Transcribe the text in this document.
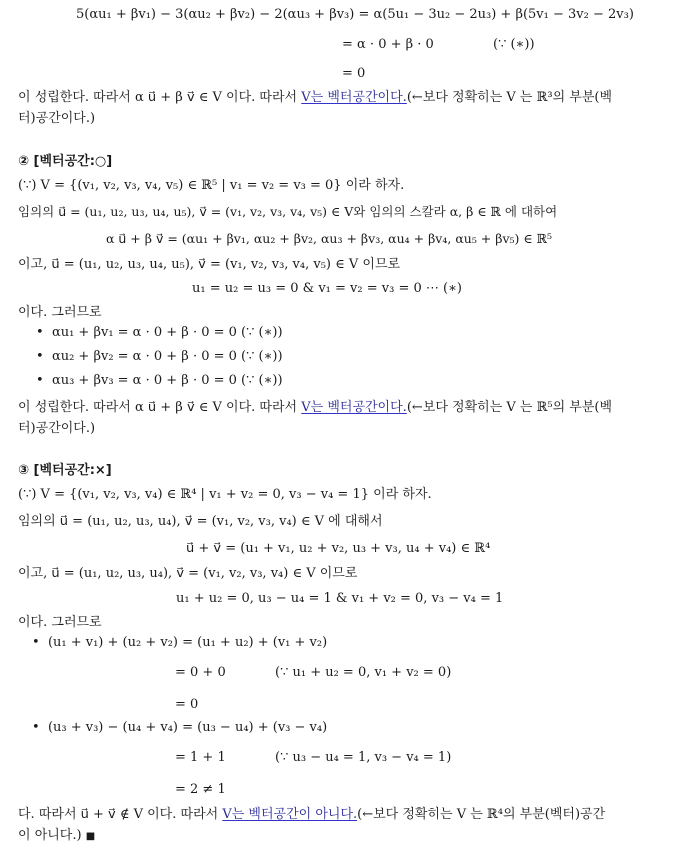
5(αu₁ + βv₁) − 3(αu₂ + βv₂) − 2(αu₃ + βv₃) = α(5u₁ − 3u₂ − 2u₃) + β(5v₁ − 3v₂ − 2v₃)
= α · 0 + β · 0	(∵ (∗))
= 0
이 성립한다. 따라서 α u⃗ + β v⃗ ∈ V 이다. 따라서 V는 벡터공간이다.(←보다 정확히는 V 는 ℝ³의 부분(벡
터)공간이다.)
② [벡터공간:○]
(∵) V = {(v₁, v₂, v₃, v₄, v₅) ∈ ℝ⁵ | v₁ = v₂ = v₃ = 0} 이라 하자.
임의의 u⃗ = (u₁, u₂, u₃, u₄, u₅), v⃗ = (v₁, v₂, v₃, v₄, v₅) ∈ V와 임의의 스칼라 α, β ∈ ℝ 에 대하여
α u⃗ + β v⃗ = (αu₁ + βv₁, αu₂ + βv₂, αu₃ + βv₃, αu₄ + βv₄, αu₅ + βv₅) ∈ ℝ⁵
이고, u⃗ = (u₁, u₂, u₃, u₄, u₅), v⃗ = (v₁, v₂, v₃, v₄, v₅) ∈ V 이므로
u₁ = u₂ = u₃ = 0 & v₁ = v₂ = v₃ = 0 ⋯ (∗)
이다. 그러므로
•  αu₁ + βv₁ = α · 0 + β · 0 = 0 (∵ (∗))
•  αu₂ + βv₂ = α · 0 + β · 0 = 0 (∵ (∗))
•  αu₃ + βv₃ = α · 0 + β · 0 = 0 (∵ (∗))
이 성립한다. 따라서 α u⃗ + β v⃗ ∈ V 이다. 따라서 V는 벡터공간이다.(←보다 정확히는 V 는 ℝ⁵의 부분(벡
터)공간이다.)
③ [벡터공간:×]
(∵) V = {(v₁, v₂, v₃, v₄) ∈ ℝ⁴ | v₁ + v₂ = 0, v₃ − v₄ = 1} 이라 하자.
임의의 u⃗ = (u₁, u₂, u₃, u₄), v⃗ = (v₁, v₂, v₃, v₄) ∈ V 에 대해서
u⃗ + v⃗ = (u₁ + v₁, u₂ + v₂, u₃ + v₃, u₄ + v₄) ∈ ℝ⁴
이고, u⃗ = (u₁, u₂, u₃, u₄), v⃗ = (v₁, v₂, v₃, v₄) ∈ V 이므로
u₁ + u₂ = 0, u₃ − u₄ = 1 & v₁ + v₂ = 0, v₃ − v₄ = 1
이다. 그러므로
•  (u₁ + v₁) + (u₂ + v₂) = (u₁ + u₂) + (v₁ + v₂)
= 0 + 0	(∵ u₁ + u₂ = 0, v₁ + v₂ = 0)
= 0
•  (u₃ + v₃) − (u₄ + v₄) = (u₃ − u₄) + (v₃ − v₄)
= 1 + 1	(∵ u₃ − u₄ = 1, v₃ − v₄ = 1)
= 2 ≠ 1
다. 따라서 u⃗ + v⃗ ∉ V 이다. 따라서 V는 벡터공간이 아니다.(←보다 정확히는 V 는 ℝ⁴의 부분(벡터)공간
이 아니다.) ■
